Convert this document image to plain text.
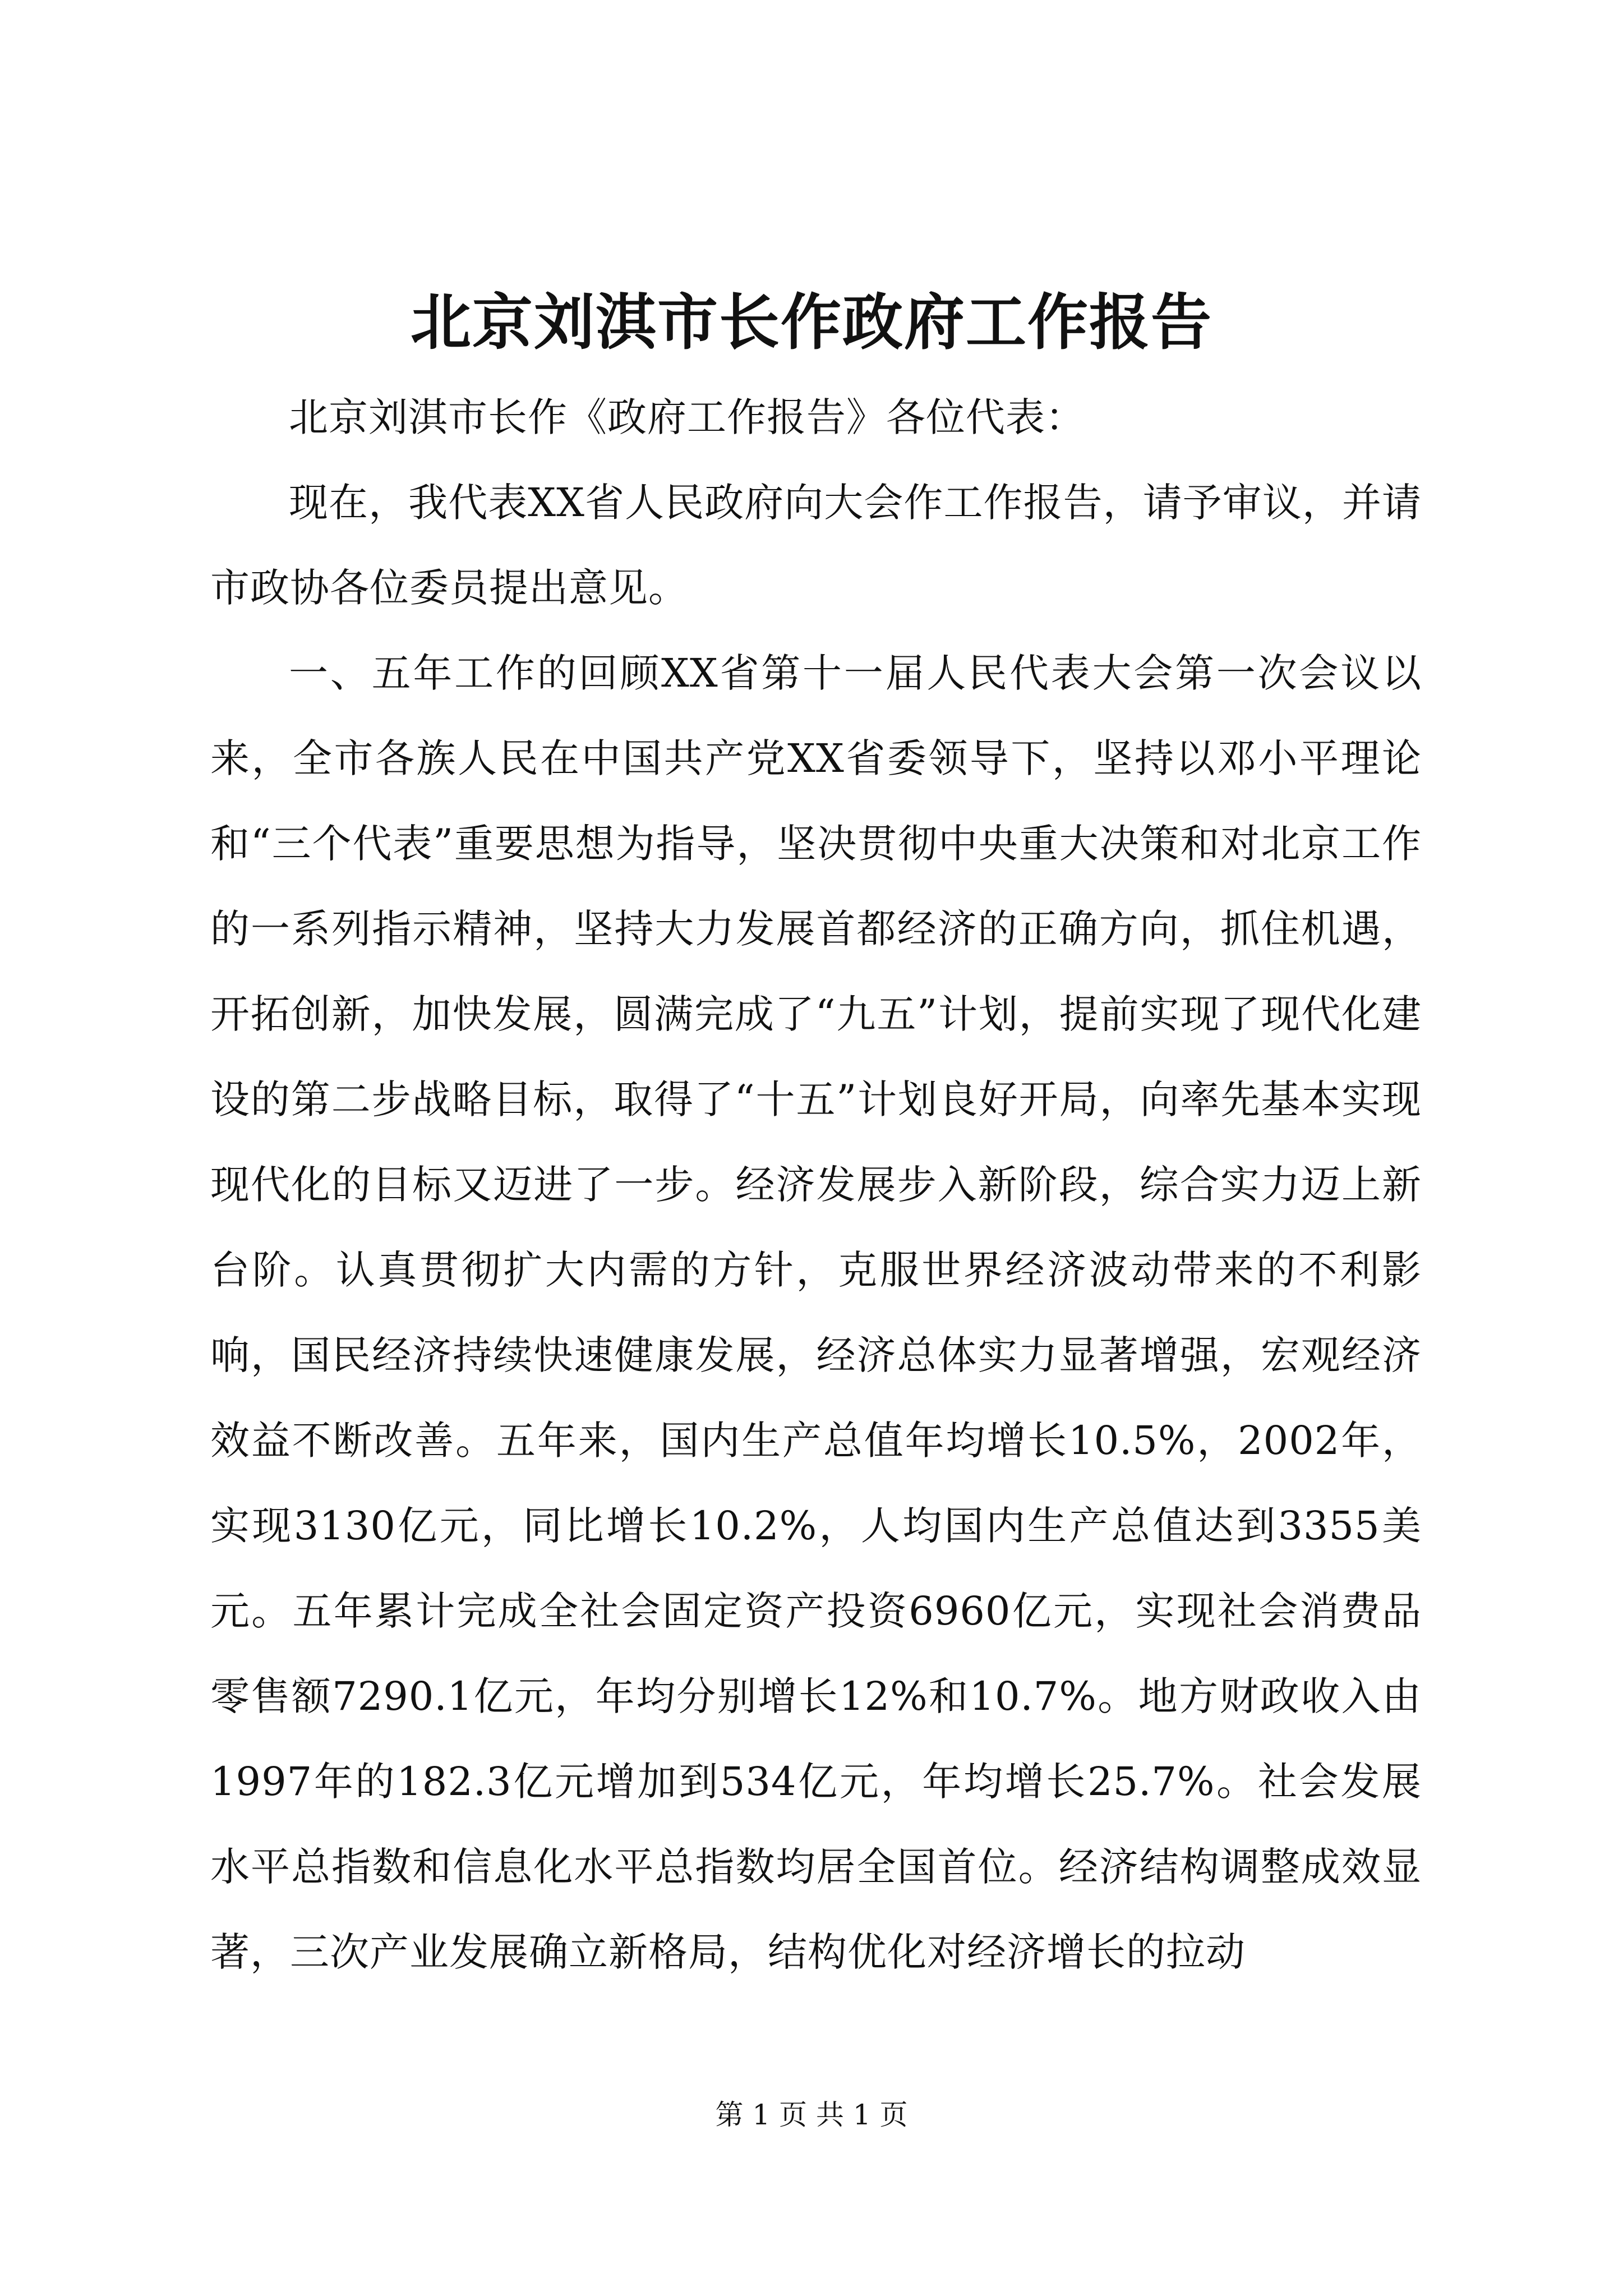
北京刘淇市长作政府工作报告

北京刘淇市长作《政府工作报告》各位代表：

现在，我代表XX省人民政府向大会作工作报告，请予审议，并请市政协各位委员提出意见。

一、五年工作的回顾XX省第十一届人民代表大会第一次会议以来，全市各族人民在中国共产党XX省委领导下，坚持以邓小平理论和“三个代表”重要思想为指导，坚决贯彻中央重大决策和对北京工作的一系列指示精神，坚持大力发展首都经济的正确方向，抓住机遇，开拓创新，加快发展，圆满完成了“九五”计划，提前实现了现代化建设的第二步战略目标，取得了“十五”计划良好开局，向率先基本实现现代化的目标又迈进了一步。经济发展步入新阶段，综合实力迈上新台阶。认真贯彻扩大内需的方针，克服世界经济波动带来的不利影响，国民经济持续快速健康发展，经济总体实力显著增强，宏观经济效益不断改善。五年来，国内生产总值年均增长10.5%，2002年，实现3130亿元，同比增长10.2%，人均国内生产总值达到3355美元。五年累计完成全社会固定资产投资6960亿元，实现社会消费品零售额7290.1亿元，年均分别增长12%和10.7%。地方财政收入由1997年的182.3亿元增加到534亿元，年均增长25.7%。社会发展水平总指数和信息化水平总指数均居全国首位。经济结构调整成效显著，三次产业发展确立新格局，结构优化对经济增长的拉动

第 1 页 共 1 页
